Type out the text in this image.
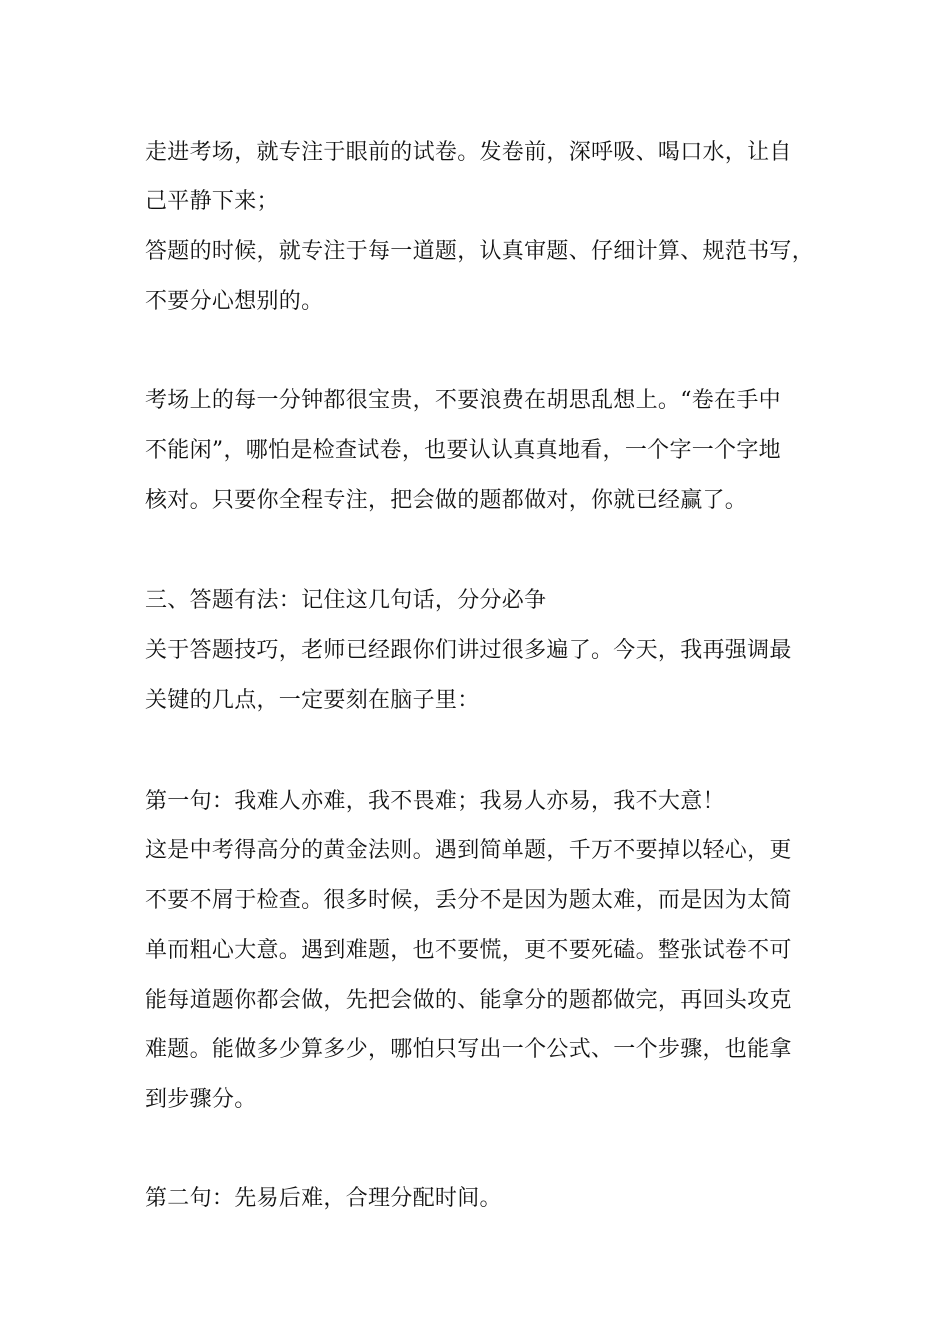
走进考场，就专注于眼前的试卷。发卷前，深呼吸、喝口水，让自
己平静下来；
答题的时候，就专注于每一道题，认真审题、仔细计算、规范书写，
不要分心想别的。
考场上的每一分钟都很宝贵，不要浪费在胡思乱想上。“卷在手中
不能闲”，哪怕是检查试卷，也要认认真真地看，一个字一个字地
核对。只要你全程专注，把会做的题都做对，你就已经赢了。
三、答题有法：记住这几句话，分分必争
关于答题技巧，老师已经跟你们讲过很多遍了。今天，我再强调最
关键的几点，一定要刻在脑子里：
第一句：我难人亦难，我不畏难；我易人亦易，我不大意！
这是中考得高分的黄金法则。遇到简单题，千万不要掉以轻心，更
不要不屑于检查。很多时候，丢分不是因为题太难，而是因为太简
单而粗心大意。遇到难题，也不要慌，更不要死磕。整张试卷不可
能每道题你都会做，先把会做的、能拿分的题都做完，再回头攻克
难题。能做多少算多少，哪怕只写出一个公式、一个步骤，也能拿
到步骤分。
第二句：先易后难，合理分配时间。
